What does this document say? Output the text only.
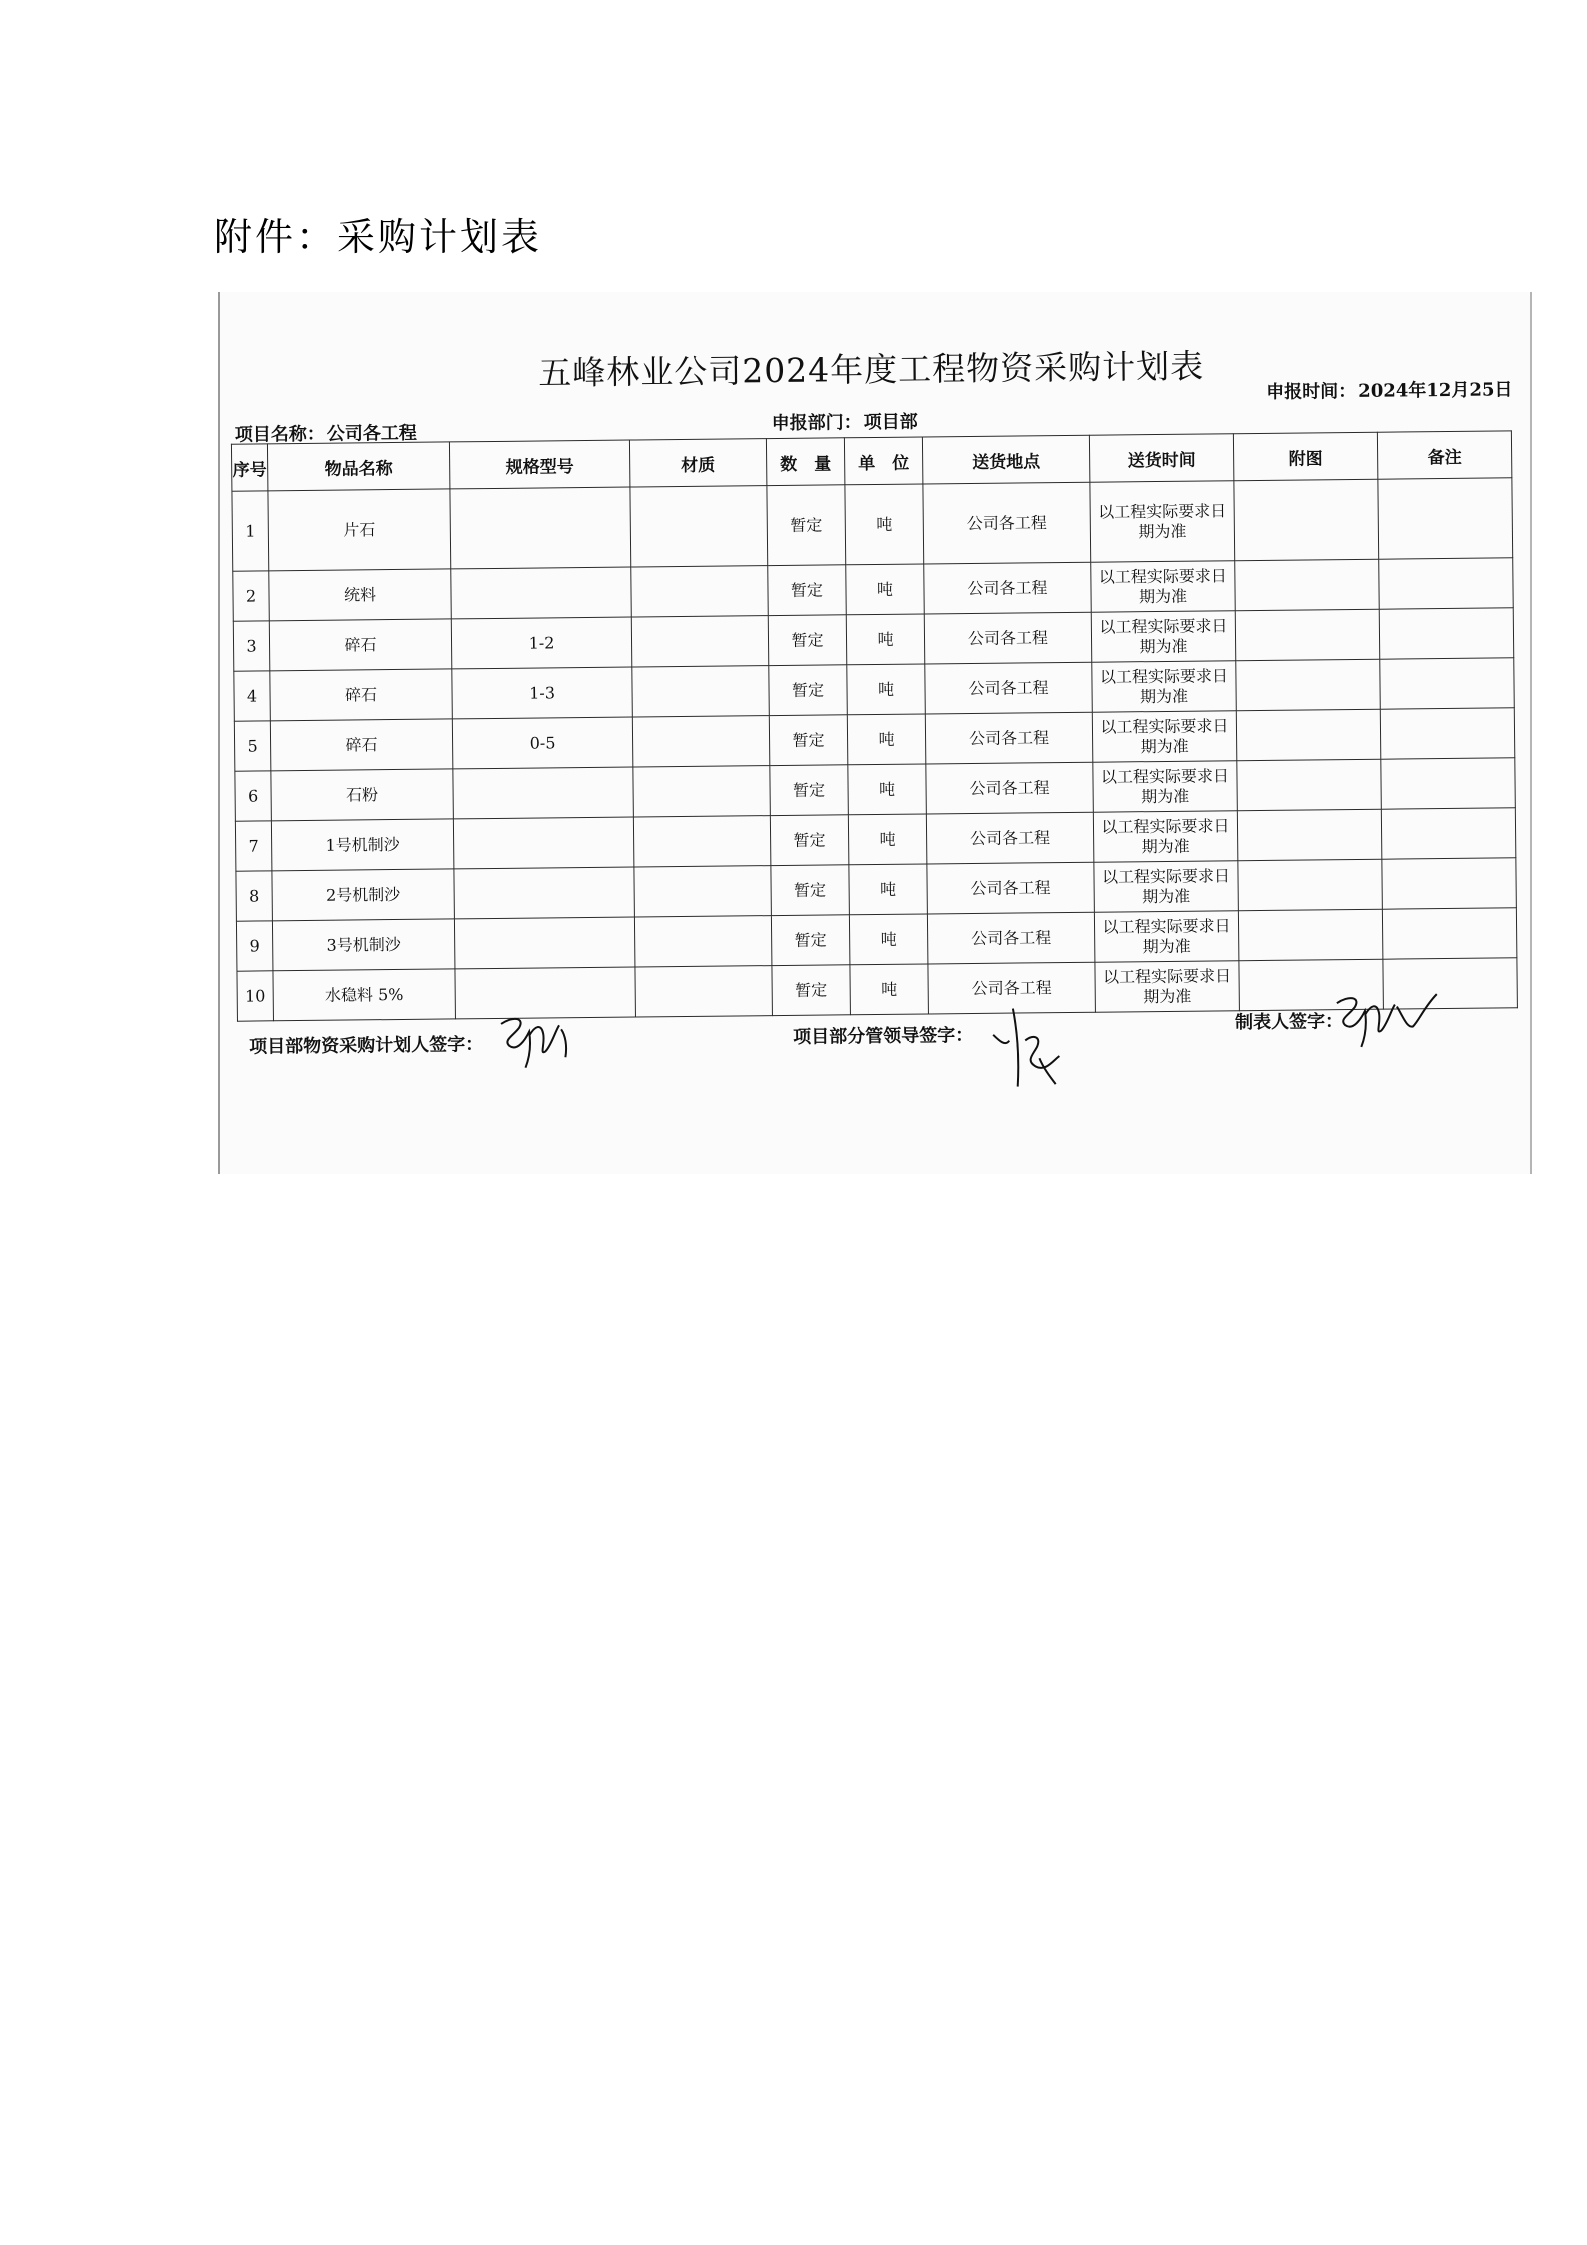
附件：采购计划表
五峰林业公司2024年度工程物资采购计划表
项目名称：公司各工程	申报部门：项目部
申报时间：2024年12月25日
序号	物品名称	规格型号	材质	数　量	单　位	送货地点	送货时间	附图	备注
1	片石			暂定	吨	公司各工程	以工程实际要求日期为准		
2	统料			暂定	吨	公司各工程	以工程实际要求日期为准		
3	碎石	1-2		暂定	吨	公司各工程	以工程实际要求日期为准		
4	碎石	1-3		暂定	吨	公司各工程	以工程实际要求日期为准		
5	碎石	0-5		暂定	吨	公司各工程	以工程实际要求日期为准		
6	石粉			暂定	吨	公司各工程	以工程实际要求日期为准		
7	1号机制沙			暂定	吨	公司各工程	以工程实际要求日期为准		
8	2号机制沙			暂定	吨	公司各工程	以工程实际要求日期为准		
9	3号机制沙			暂定	吨	公司各工程	以工程实际要求日期为准		
10	水稳料 5%			暂定	吨	公司各工程	以工程实际要求日期为准		
项目部物资采购计划人签字：	项目部分管领导签字：
制表人签字：
